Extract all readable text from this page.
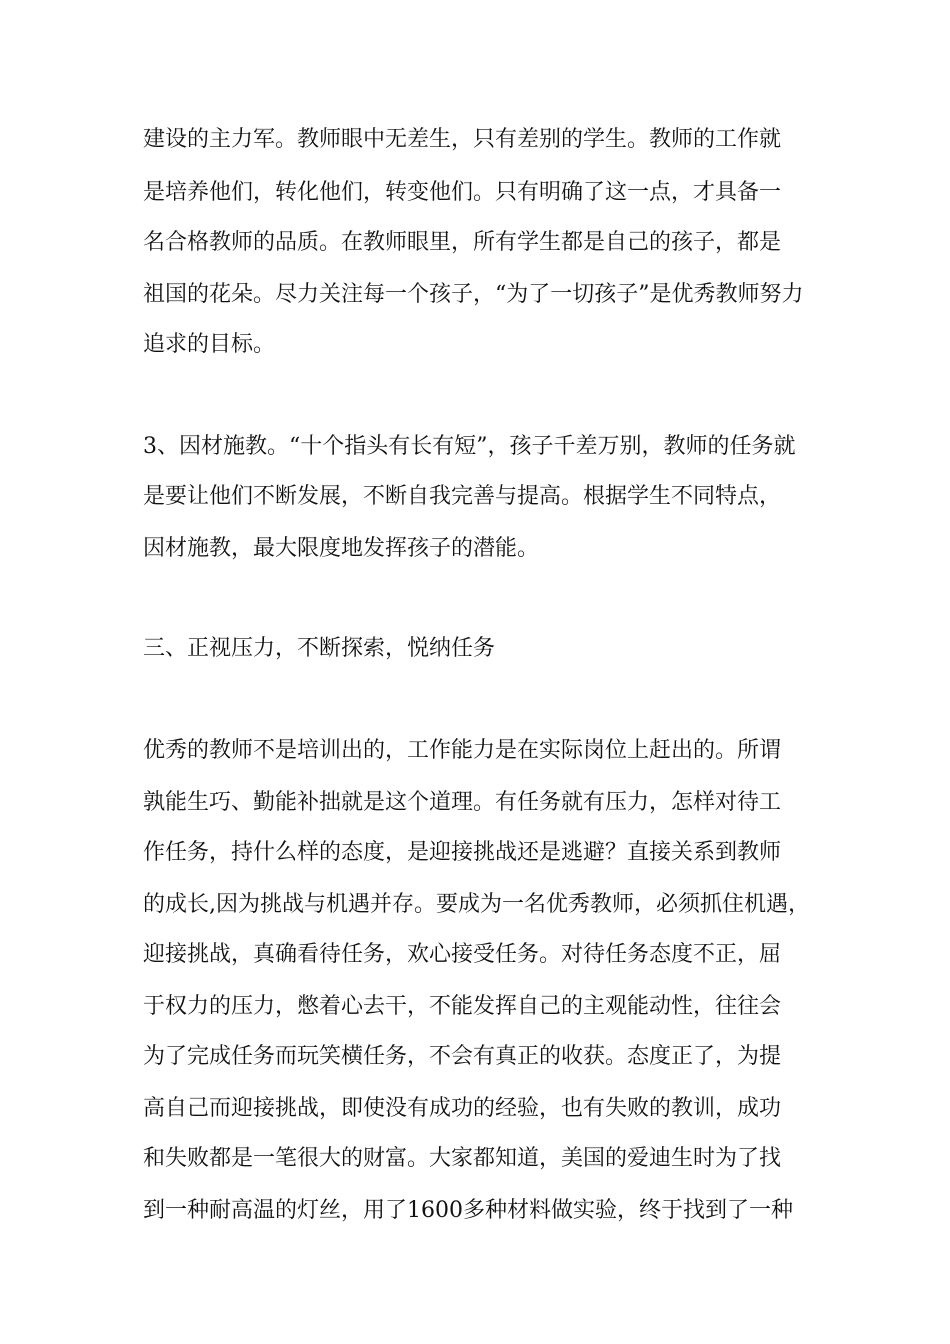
建设的主力军。教师眼中无差生，只有差别的学生。教师的工作就
是培养他们，转化他们，转变他们。只有明确了这一点，才具备一
名合格教师的品质。在教师眼里，所有学生都是自己的孩子，都是
祖国的花朵。尽力关注每一个孩子，“为了一切孩子”是优秀教师努力
追求的目标。
3、因材施教。“十个指头有长有短”，孩子千差万别，教师的任务就
是要让他们不断发展，不断自我完善与提高。根据学生不同特点，
因材施教，最大限度地发挥孩子的潜能。
三、正视压力，不断探索，悦纳任务
优秀的教师不是培训出的，工作能力是在实际岗位上赶出的。所谓
孰能生巧、勤能补拙就是这个道理。有任务就有压力，怎样对待工
作任务，持什么样的态度，是迎接挑战还是逃避？直接关系到教师
的成长,因为挑战与机遇并存。要成为一名优秀教师，必须抓住机遇，
迎接挑战，真确看待任务，欢心接受任务。对待任务态度不正，屈
于权力的压力，憋着心去干，不能发挥自己的主观能动性，往往会
为了完成任务而玩笑横任务，不会有真正的收获。态度正了，为提
高自己而迎接挑战，即使没有成功的经验，也有失败的教训，成功
和失败都是一笔很大的财富。大家都知道，美国的爱迪生时为了找
到一种耐高温的灯丝，用了1600多种材料做实验，终于找到了一种
